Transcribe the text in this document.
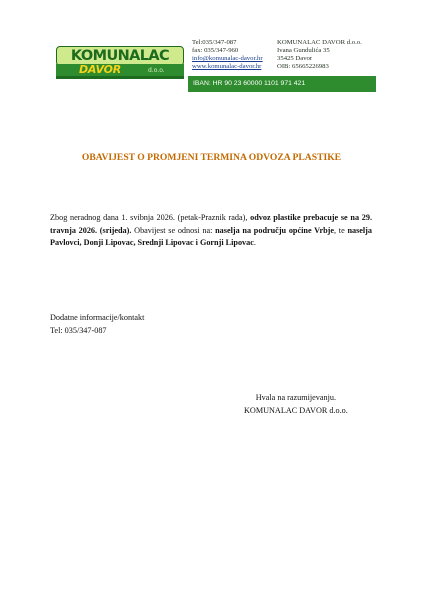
KOMUNALAC
DAVOR	d.o.o.
Tel:035/347-087
fax: 035/347-960
info@komunalac-davor.hr
www.komunalac-davor.hr
KOMUNALAC DAVOR d.o.o.
Ivana Gundulića 35
35425 Davor
OIB: 65665226983
IBAN: HR 90 23 60000 1101 971 421
OBAVIJEST O PROMJENI TERMINA ODVOZA PLASTIKE
Zbog neradnog dana 1. svibnja 2026. (petak-Praznik rada), odvoz plastike prebacuje se na 29. travnja 2026. (srijeda). Obavijest se odnosi na: naselja na području općine Vrbje, te naselja Pavlovci, Donji Lipovac, Srednji Lipovac i Gornji Lipovac.
Dodatne informacije/kontakt
Tel: 035/347-087
Hvala na razumijevanju.
KOMUNALAC DAVOR d.o.o.
